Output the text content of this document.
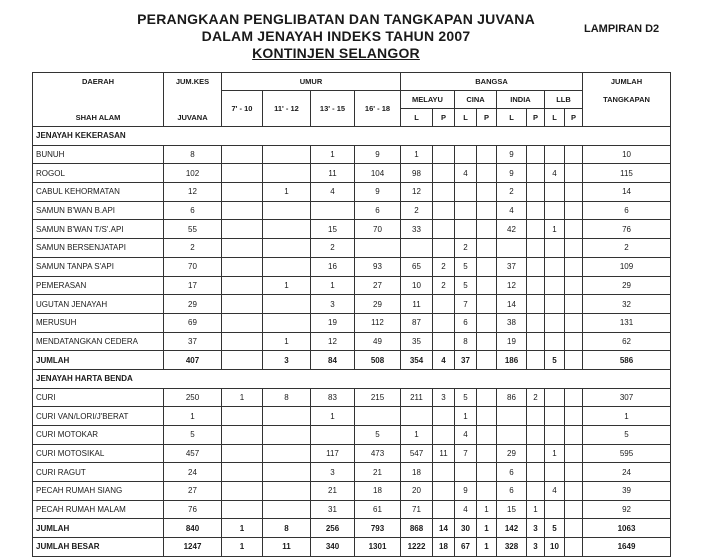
PERANGKAAN PENGLIBATAN DAN TANGKAPAN JUVANA
DALAM JENAYAH INDEKS TAHUN 2007
KONTINJEN SELANGOR
LAMPIRAN D2
DAERAH	JUM.KES	UMUR				BANGSA								JUMLAH
		7' - 10	11' - 12	13' - 15	16' - 18	MELAYU		CINA		INDIA		LLB		TANGKAPAN
SHAH ALAM	JUVANA					L	P	L	P	L	P	L	P	
JENAYAH KEKERASAN														
BUNUH	8			1	9	1				9				10
ROGOL	102			11	104	98		4		9		4		115
CABUL KEHORMATAN	12		1	4	9	12				2				14
SAMUN B'WAN B.API	6				6	2				4				6
SAMUN B'WAN T/S'.API	55			15	70	33				42		1		76
SAMUN BERSENJATAPI	2			2				2						2
SAMUN TANPA S'API	70			16	93	65	2	5		37				109
PEMERASAN	17		1	1	27	10	2	5		12				29
UGUTAN JENAYAH	29			3	29	11		7		14				32
MERUSUH	69			19	112	87		6		38				131
MENDATANGKAN CEDERA	37		1	12	49	35		8		19				62
JUMLAH	407		3	84	508	354	4	37		186		5		586
JENAYAH HARTA BENDA														
CURI	250	1	8	83	215	211	3	5		86	2			307
CURI VAN/LORI/J'BERAT	1			1				1						1
CURI MOTOKAR	5				5	1		4						5
CURI MOTOSIKAL	457			117	473	547	11	7		29		1		595
CURI RAGUT	24			3	21	18				6				24
PECAH RUMAH SIANG	27			21	18	20		9		6		4		39
PECAH RUMAH MALAM	76			31	61	71		4	1	15	1			92
JUMLAH	840	1	8	256	793	868	14	30	1	142	3	5		1063
JUMLAH BESAR	1247	1	11	340	1301	1222	18	67	1	328	3	10		1649
